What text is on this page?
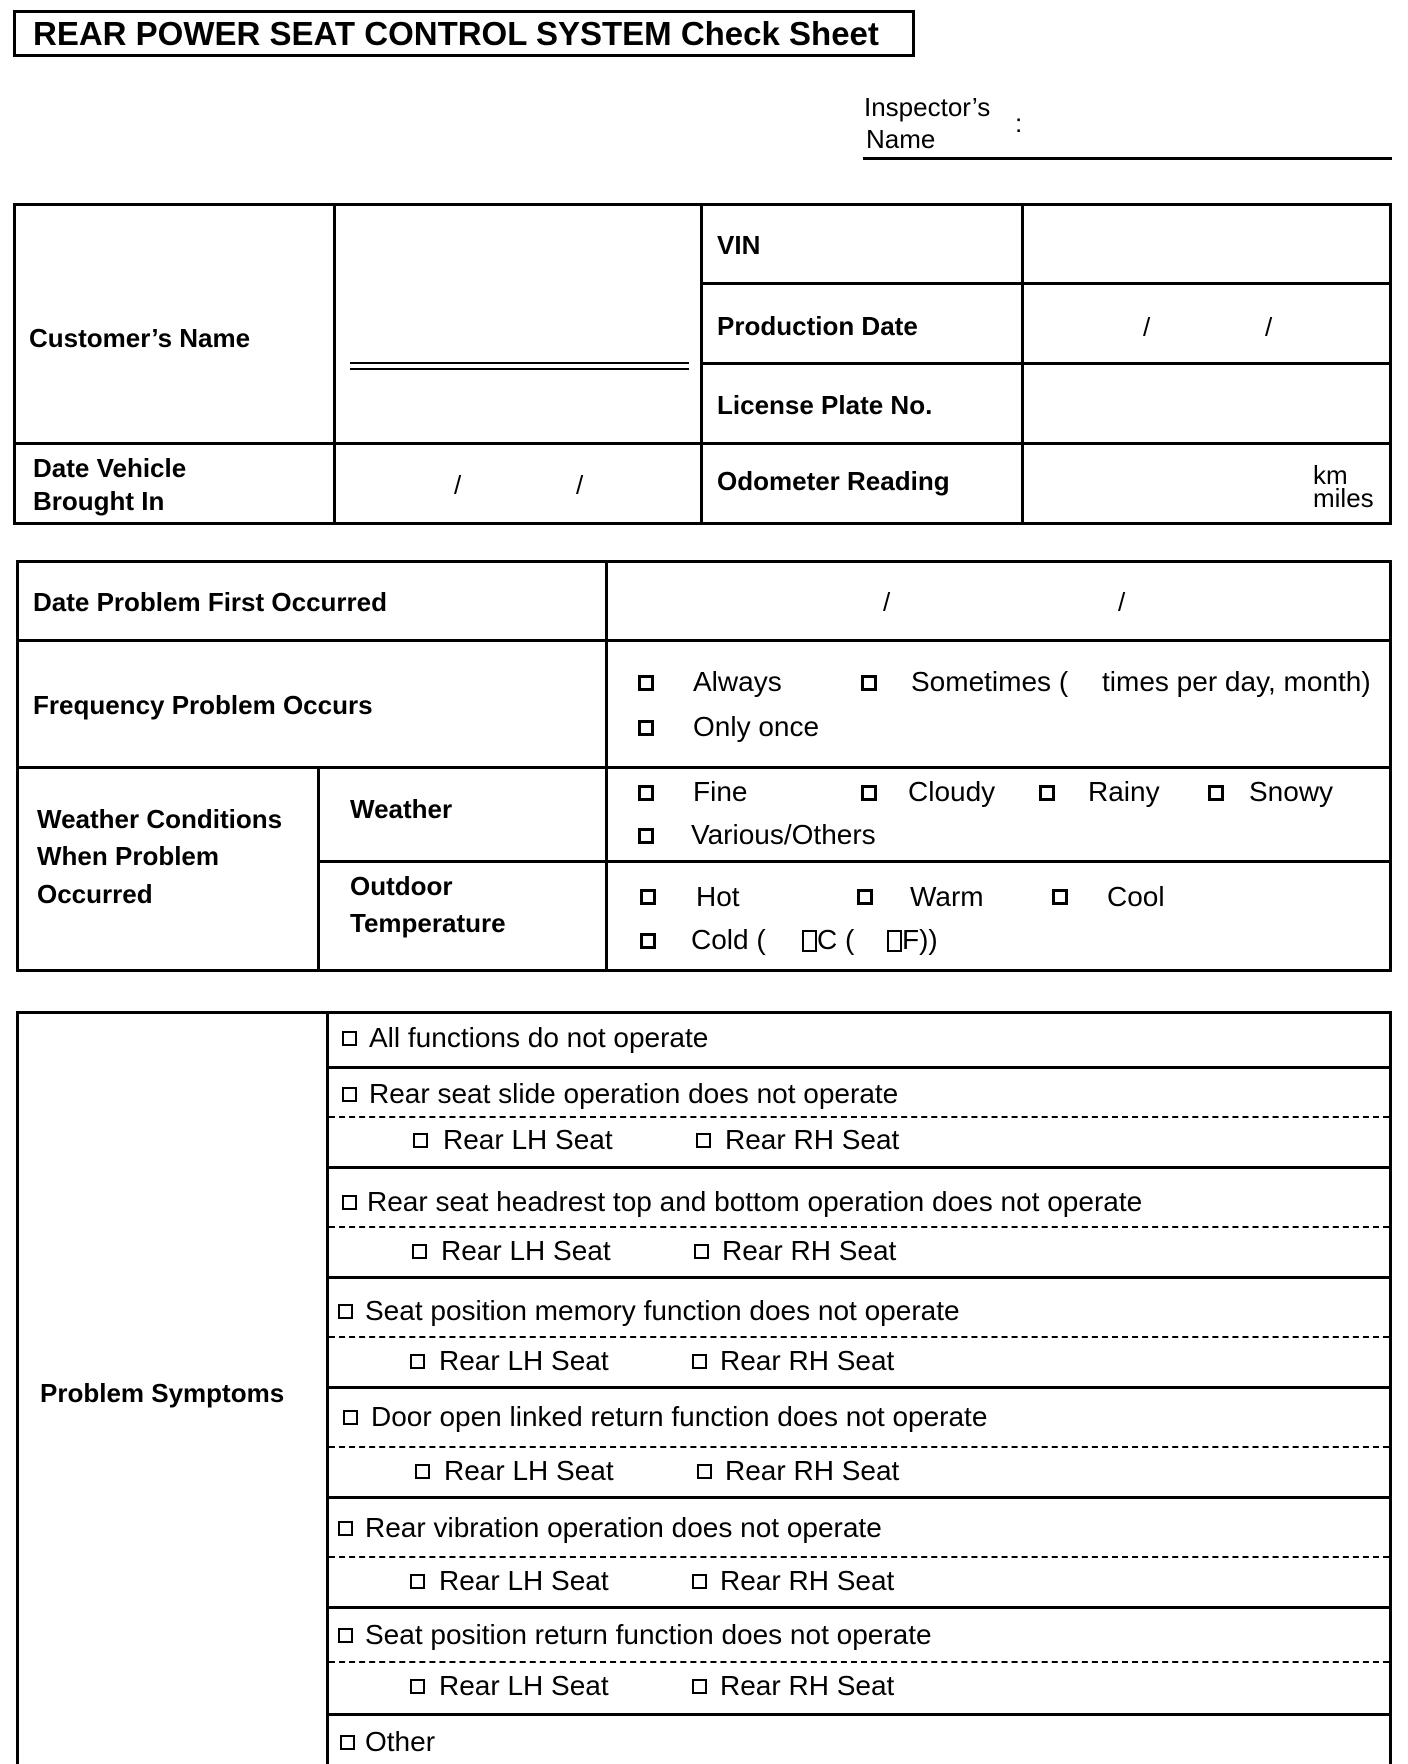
REAR POWER SEAT CONTROL SYSTEM Check Sheet
Inspector’s
Name
:
Customer’s Name
VIN
Production Date	/	/
License Plate No.
Date Vehicle
Brought In
/	/	Odometer Reading	km
miles
Date Problem First Occurred	/	/
Frequency Problem Occurs
Always	Sometimes ( times per day, month)
Only once
Weather Conditions
When Problem
Occurred
Weather
Fine	Cloudy	Rainy	Snowy
Various/Others
Outdoor
Temperature
Hot	Warm	Cool
Cold (	C (	F))
Problem Symptoms
All functions do not operate
Rear seat slide operation does not operate
Rear LH Seat	Rear RH Seat
Rear seat headrest top and bottom operation does not operate
Rear LH Seat	Rear RH Seat
Seat position memory function does not operate
Rear LH Seat	Rear RH Seat
Door open linked return function does not operate
Rear LH Seat	Rear RH Seat
Rear vibration operation does not operate
Rear LH Seat	Rear RH Seat
Seat position return function does not operate
Rear LH Seat	Rear RH Seat
Other
